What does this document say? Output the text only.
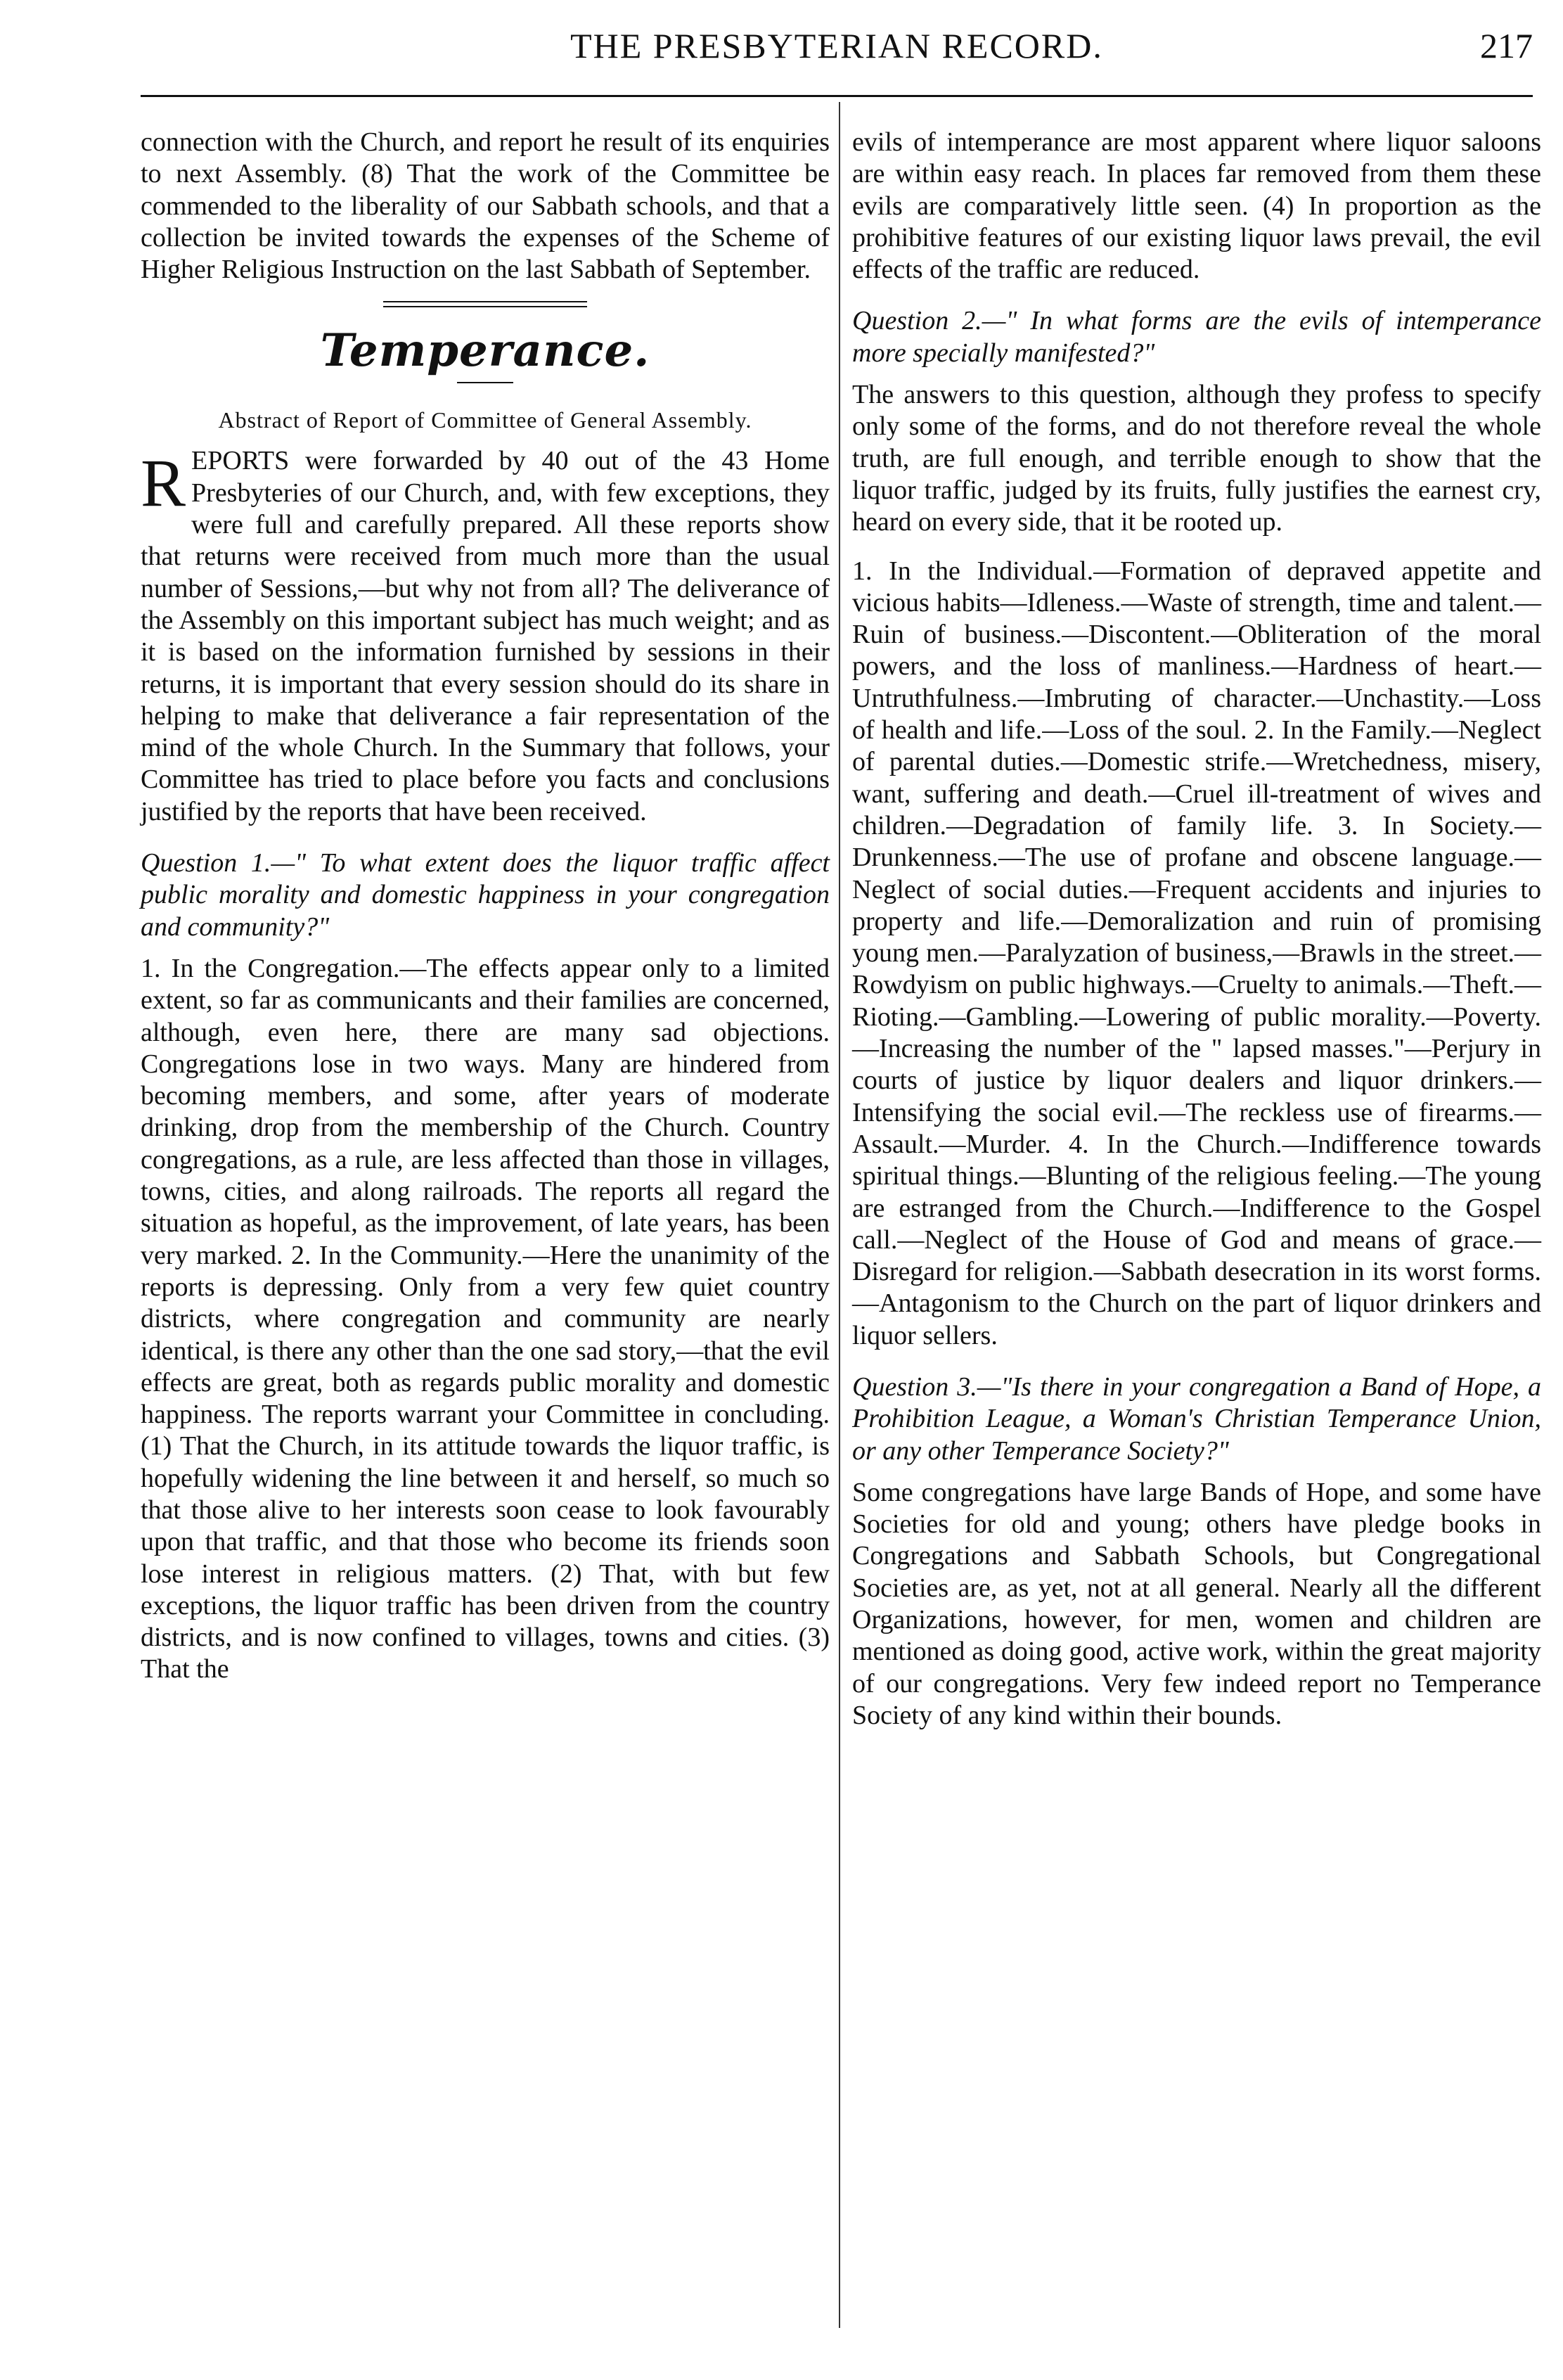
THE PRESBYTERIAN RECORD.	217

connection with the Church, and report he result of its enquiries to next Assembly. (8) That the work of the Committee be commended to the liberality of our Sabbath schools, and that a collection be invited towards the expenses of the Scheme of Higher Religious Instruction on the last Sabbath of September.

Temperance.
Abstract of Report of Committee of General Assembly.

REPORTS were forwarded by 40 out of the 43 Home Presbyteries of our Church, and, with few exceptions, they were full and carefully prepared. All these reports show that returns were received from much more than the usual number of Sessions,—but why not from all? The deliverance of the Assembly on this important subject has much weight; and as it is based on the information furnished by sessions in their returns, it is important that every session should do its share in helping to make that deliverance a fair representation of the mind of the whole Church. In the Summary that follows, your Committee has tried to place before you facts and conclusions justified by the reports that have been received.

Question 1.—" To what extent does the liquor traffic affect public morality and domestic happiness in your congregation and community?"

1. In the Congregation.—The effects appear only to a limited extent, so far as communicants and their families are concerned, although, even here, there are many sad objections. Congregations lose in two ways. Many are hindered from becoming members, and some, after years of moderate drinking, drop from the membership of the Church. Country congregations, as a rule, are less affected than those in villages, towns, cities, and along railroads. The reports all regard the situation as hopeful, as the improvement, of late years, has been very marked. 2. In the Community.—Here the unanimity of the reports is depressing. Only from a very few quiet country districts, where congregation and community are nearly identical, is there any other than the one sad story,—that the evil effects are great, both as regards public morality and domestic happiness. The reports warrant your Committee in concluding. (1) That the Church, in its attitude towards the liquor traffic, is hopefully widening the line between it and herself, so much so that those alive to her interests soon cease to look favourably upon that traffic, and that those who become its friends soon lose interest in religious matters. (2) That, with but few exceptions, the liquor traffic has been driven from the country districts, and is now confined to villages, towns and cities. (3) That the

evils of intemperance are most apparent where liquor saloons are within easy reach. In places far removed from them these evils are comparatively little seen. (4) In proportion as the prohibitive features of our existing liquor laws prevail, the evil effects of the traffic are reduced.

Question 2.—" In what forms are the evils of intemperance more specially manifested?"

The answers to this question, although they profess to specify only some of the forms, and do not therefore reveal the whole truth, are full enough, and terrible enough to show that the liquor traffic, judged by its fruits, fully justifies the earnest cry, heard on every side, that it be rooted up.

1. In the Individual.—Formation of depraved appetite and vicious habits—Idleness.—Waste of strength, time and talent.—Ruin of business.—Discontent.—Obliteration of the moral powers, and the loss of manliness.—Hardness of heart.—Untruthfulness.—Imbruting of character.—Unchastity.—Loss of health and life.—Loss of the soul. 2. In the Family.—Neglect of parental duties.—Domestic strife.—Wretchedness, misery, want, suffering and death.—Cruel ill-treatment of wives and children.—Degradation of family life. 3. In Society.—Drunkenness.—The use of profane and obscene language.—Neglect of social duties.—Frequent accidents and injuries to property and life.—Demoralization and ruin of promising young men.—Paralyzation of business,—Brawls in the street.—Rowdyism on public highways.—Cruelty to animals.—Theft.—Rioting.—Gambling.—Lowering of public morality.—Poverty.—Increasing the number of the " lapsed masses."—Perjury in courts of justice by liquor dealers and liquor drinkers.—Intensifying the social evil.—The reckless use of firearms.—Assault.—Murder. 4. In the Church.—Indifference towards spiritual things.—Blunting of the religious feeling.—The young are estranged from the Church.—Indifference to the Gospel call.—Neglect of the House of God and means of grace.—Disregard for religion.—Sabbath desecration in its worst forms.—Antagonism to the Church on the part of liquor drinkers and liquor sellers.

Question 3.—"Is there in your congregation a Band of Hope, a Prohibition League, a Woman's Christian Temperance Union, or any other Temperance Society?"

Some congregations have large Bands of Hope, and some have Societies for old and young; others have pledge books in Congregations and Sabbath Schools, but Congregational Societies are, as yet, not at all general. Nearly all the different Organizations, however, for men, women and children are mentioned as doing good, active work, within the great majority of our congregations. Very few indeed report no Temperance Society of any kind within their bounds.
